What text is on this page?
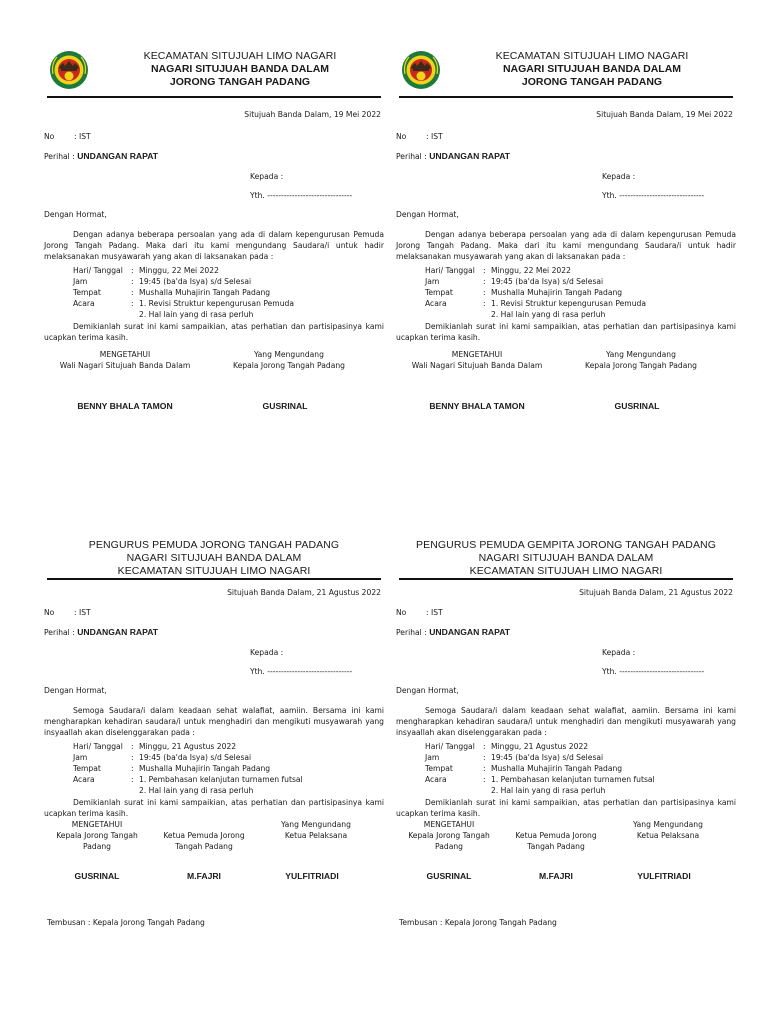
KECAMATAN SITUJUAH LIMO NAGARI
NAGARI SITUJUAH BANDA DALAM
JORONG TANGAH PADANG
Situjuah Banda Dalam, 19 Mei 2022
No	: IST
Perihal : UNDANGAN RAPAT
Kepada :
Yth. -------------------------------
Dengan Hormat,
Dengan adanya beberapa persoalan yang ada di dalam kepengurusan Pemuda Jorong Tangah Padang. Maka dari itu kami mengundang Saudara/i untuk hadir melaksanakan musyawarah yang akan di laksanakan pada :
Hari/ Tanggal : Minggu, 22 Mei 2022
Jam	: 19:45 (ba'da Isya) s/d Selesai
Tempat	: Mushalla Muhajirin Tangah Padang
Acara	: 1. Revisi Struktur kepengurusan Pemuda
2. Hal lain yang di rasa perluh
Demikianlah surat ini kami sampaikian, atas perhatian dan partisipasinya kami ucapkan terima kasih.
MENGETAHUI
Wali Nagari Situjuah Banda Dalam
Yang Mengundang
Kepala Jorong Tangah Padang
BENNY BHALA TAMON	GUSRINAL
KECAMATAN SITUJUAH LIMO NAGARI
NAGARI SITUJUAH BANDA DALAM
JORONG TANGAH PADANG
Situjuah Banda Dalam, 19 Mei 2022
No	: IST
Perihal : UNDANGAN RAPAT
Kepada :
Yth. -------------------------------
Dengan Hormat,
Dengan adanya beberapa persoalan yang ada di dalam kepengurusan Pemuda Jorong Tangah Padang. Maka dari itu kami mengundang Saudara/i untuk hadir melaksanakan musyawarah yang akan di laksanakan pada :
Hari/ Tanggal : Minggu, 22 Mei 2022
Jam	: 19:45 (ba'da Isya) s/d Selesai
Tempat	: Mushalla Muhajirin Tangah Padang
Acara	: 1. Revisi Struktur kepengurusan Pemuda
2. Hal lain yang di rasa perluh
Demikianlah surat ini kami sampaikian, atas perhatian dan partisipasinya kami ucapkan terima kasih.
MENGETAHUI
Wali Nagari Situjuah Banda Dalam
Yang Mengundang
Kepala Jorong Tangah Padang
BENNY BHALA TAMON	GUSRINAL
PENGURUS PEMUDA JORONG TANGAH PADANG
NAGARI SITUJUAH BANDA DALAM
KECAMATAN SITUJUAH LIMO NAGARI
Situjuah Banda Dalam, 21 Agustus 2022
No	: IST
Perihal : UNDANGAN RAPAT
Kepada :
Yth. -------------------------------
Dengan Hormat,
Semoga Saudara/i dalam keadaan sehat walafiat, aamiin. Bersama ini kami mengharapkan kehadiran saudara/i untuk menghadiri dan mengikuti musyawarah yang insyaallah akan diselenggarakan pada :
Hari/ Tanggal : Minggu, 21 Agustus 2022
Jam	: 19:45 (ba'da Isya) s/d Selesai
Tempat	: Mushalla Muhajirin Tangah Padang
Acara	: 1. Pembahasan kelanjutan turnamen futsal
2. Hal lain yang di rasa perluh
Demikianlah surat ini kami sampaikian, atas perhatian dan partisipasinya kami ucapkan terima kasih.
MENGETAHUI
Kepala Jorong Tangah Padang
Ketua Pemuda Jorong Tangah Padang
Yang Mengundang
Ketua Pelaksana
GUSRINAL	M.FAJRI	YULFITRIADI
Tembusan : Kepala Jorong Tangah Padang
PENGURUS PEMUDA GEMPITA JORONG TANGAH PADANG
NAGARI SITUJUAH BANDA DALAM
KECAMATAN SITUJUAH LIMO NAGARI
Situjuah Banda Dalam, 21 Agustus 2022
No	: IST
Perihal : UNDANGAN RAPAT
Kepada :
Yth. -------------------------------
Dengan Hormat,
Semoga Saudara/i dalam keadaan sehat walafiat, aamiin. Bersama ini kami mengharapkan kehadiran saudara/i untuk menghadiri dan mengikuti musyawarah yang insyaallah akan diselenggarakan pada :
Hari/ Tanggal : Minggu, 21 Agustus 2022
Jam	: 19:45 (ba'da Isya) s/d Selesai
Tempat	: Mushalla Muhajirin Tangah Padang
Acara	: 1. Pembahasan kelanjutan turnamen futsal
2. Hal lain yang di rasa perluh
Demikianlah surat ini kami sampaikian, atas perhatian dan partisipasinya kami ucapkan terima kasih.
MENGETAHUI
Kepala Jorong Tangah Padang
Ketua Pemuda Jorong Tangah Padang
Yang Mengundang
Ketua Pelaksana
GUSRINAL	M.FAJRI	YULFITRIADI
Tembusan : Kepala Jorong Tangah Padang
